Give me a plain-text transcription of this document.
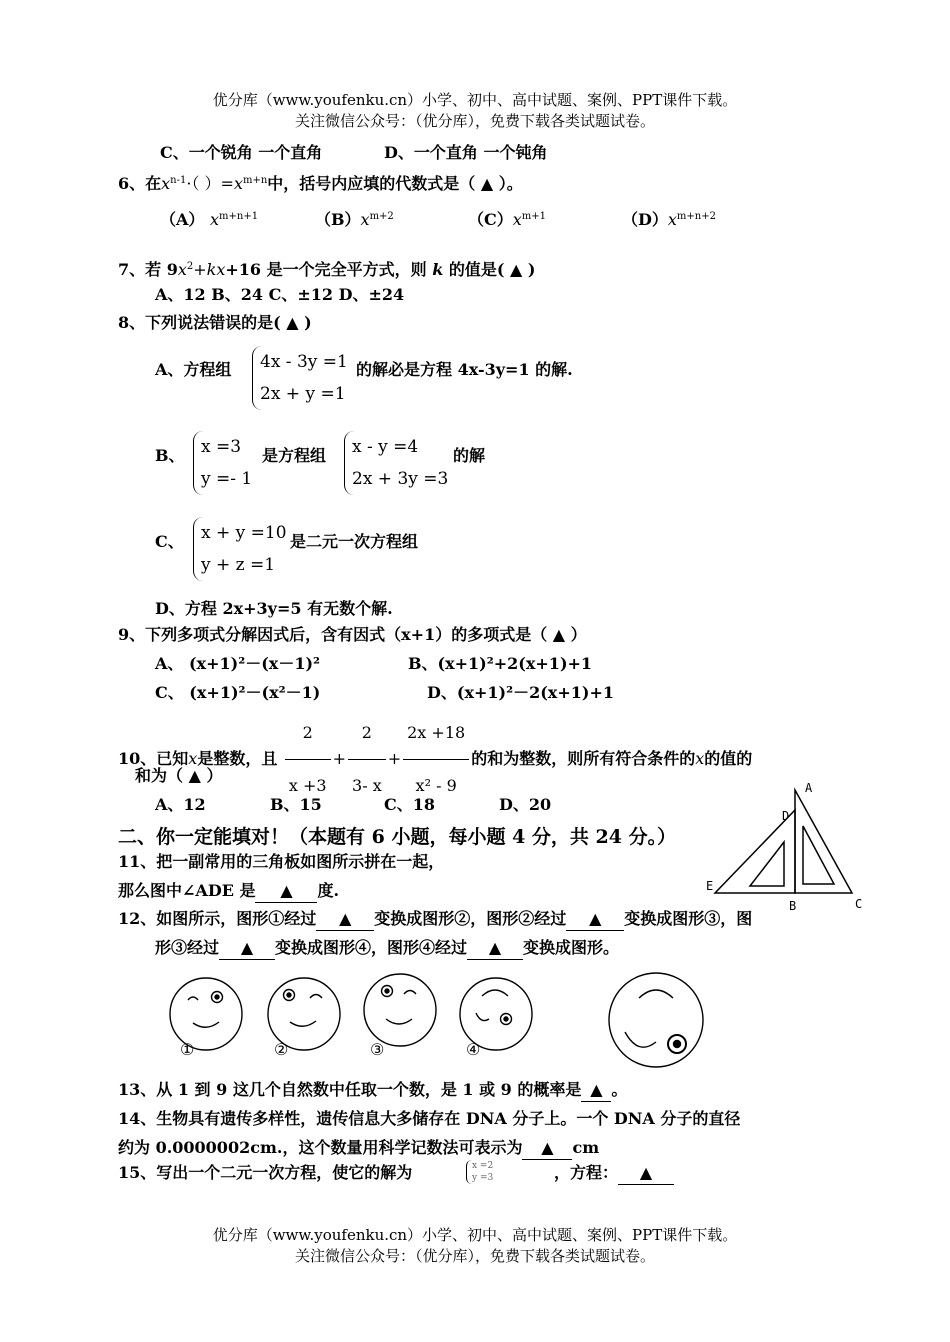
优分库（www.youfenku.cn）小学、初中、高中试题、案例、PPT课件下载。
关注微信公众号：（优分库），免费下载各类试题试卷。
C、一个锐角 一个直角	D、一个直角 一个钝角
6、在$x^{n-1}\cdot$（ ）$=x^{m+n}$中，括号内应填的代数式是（ ▲ ）。
（A） $x^{m+n+1}$	$(B)x^{m+2}$	$(C)x^{m+1}$	$(D)x^{m+n+2}$
7、若 $9x^2+kx+16$ 是一个完全平方式，则 k 的值是( ▲ )
A、12 B、24 C、±12 D、±24
8、下列说法错误的是( ▲ )
A、方程组 4x - 3y =1
2x + y =1
的解必是方程 4x-3y=1 的解.
B、 x =3
y =- 1
是方程组 x - y =4
2x + 3y =3
的解
C、 x + y =10
y + z =1
是二元一次方程组
D、方程 2x+3y=5 有无数个解.
9、下列多项式分解因式后，含有因式（x+1）的多项式是（ ▲ ）
A、 (x+1)²－(x－1)²	B、(x+1)²+2(x+1)+1
C、 (x+1)²－(x²－1)	D、(x+1)²－2(x+1)+1
10、已知x是整数，且 $\frac{2}{x +3} + \frac{2}{3- x} + \frac{2x +18}{\text{x² - 9}}$ 的和为整数，则所有符合条件的x的值的
和为（ ▲ ）
A、12	B、15	C、18	D、20
二、你一定能填对！（本题有 6 小题，每小题 4 分，共 24 分。）
11、把一副常用的三角板如图所示拼在一起，
那么图中∠ADE 是 ▲ 度.
A
D
E
B	C
12、如图所示，图形①经过 ▲ 变换成图形②，图形②经过 ▲ 变换成图形③，图
形③经过 ▲ 变换成图形④，图形④经过 ▲ 变换成图形。
①	②	③	④
13、从 1 到 9 这几个自然数中任取一个数，是 1 或 9 的概率是 ▲ 。
14、生物具有遗传多样性，遗传信息大多储存在 DNA 分子上。一个 DNA 分子的直径
约为 0.0000002cm.，这个数量用科学记数法可表示为 ▲ cm
15、写出一个二元一次方程，使它的解为	x =2
y =3	，方程： ▲
优分库（www.youfenku.cn）小学、初中、高中试题、案例、PPT课件下载。
关注微信公众号：（优分库），免费下载各类试题试卷。
